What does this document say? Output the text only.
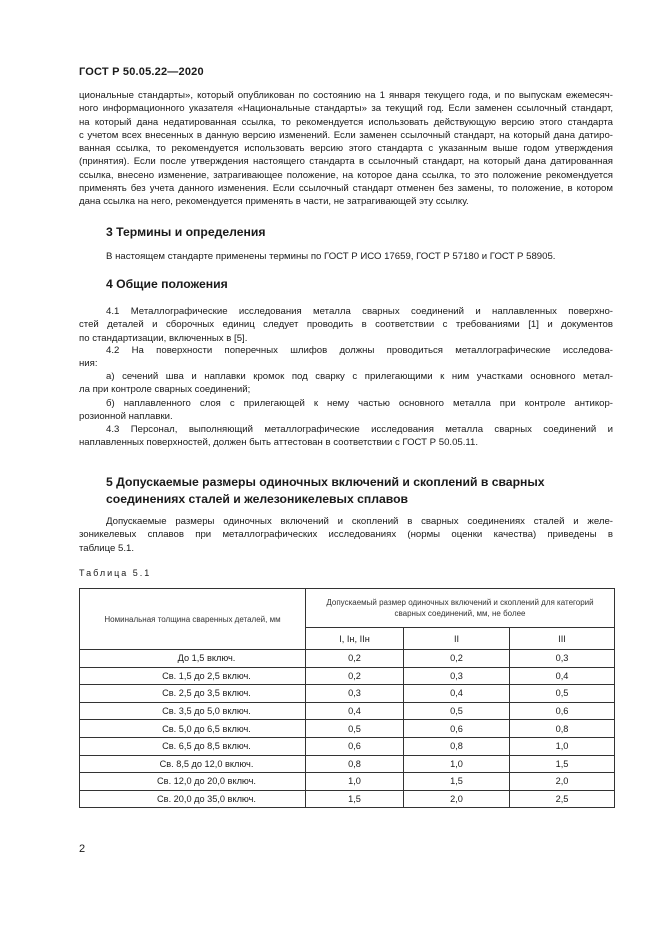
ГОСТ Р 50.05.22—2020
циональные стандарты», который опубликован по состоянию на 1 января текущего года, и по выпускам ежемесяч-
ного информационного указателя «Национальные стандарты» за текущий год. Если заменен ссылочный стандарт,
на который дана недатированная ссылка, то рекомендуется использовать действующую версию этого стандарта
с учетом всех внесенных в данную версию изменений. Если заменен ссылочный стандарт, на который дана датиро-
ванная ссылка, то рекомендуется использовать версию этого стандарта с указанным выше годом утверждения
(принятия). Если после утверждения настоящего стандарта в ссылочный стандарт, на который дана датированная
ссылка, внесено изменение, затрагивающее положение, на которое дана ссылка, то это положение рекомендуется
применять без учета данного изменения. Если ссылочный стандарт отменен без замены, то положение, в котором
дана ссылка на него, рекомендуется применять в части, не затрагивающей эту ссылку.
3 Термины и определения
В настоящем стандарте применены термины по ГОСТ Р ИСО 17659, ГОСТ Р 57180 и ГОСТ Р 58905.
4 Общие положения
4.1 Металлографические исследования металла сварных соединений и наплавленных поверхно-
стей деталей и сборочных единиц следует проводить в соответствии с требованиями [1] и документов
по стандартизации, включенных в [5].
4.2 На поверхности поперечных шлифов должны проводиться металлографические исследова-
ния:
а) сечений шва и наплавки кромок под сварку с прилегающими к ним участками основного метал-
ла при контроле сварных соединений;
б) наплавленного слоя с прилегающей к нему частью основного металла при контроле антикор-
розионной наплавки.
4.3 Персонал, выполняющий металлографические исследования металла сварных соединений и
наплавленных поверхностей, должен быть аттестован в соответствии с ГОСТ Р 50.05.11.
5 Допускаемые размеры одиночных включений и скоплений в сварных
соединениях сталей и железоникелевых сплавов
Допускаемые размеры одиночных включений и скоплений в сварных соединениях сталей и желе-
зоникелевых сплавов при металлографических исследованиях (нормы оценки качества) приведены в
таблице 5.1.
Таблица 5.1
Номинальная толщина сваренных деталей, мм	Допускаемый размер одиночных включений и скоплений для категорий сварных соединений, мм, не более		
	I, Iн, IIн	II	III
До 1,5 включ.	0,2	0,2	0,3
Св. 1,5 до 2,5 включ.	0,2	0,3	0,4
Св. 2,5 до 3,5 включ.	0,3	0,4	0,5
Св. 3,5 до 5,0 включ.	0,4	0,5	0,6
Св. 5,0 до 6,5 включ.	0,5	0,6	0,8
Св. 6,5 до 8,5 включ.	0,6	0,8	1,0
Св. 8,5 до 12,0 включ.	0,8	1,0	1,5
Св. 12,0 до 20,0 включ.	1,0	1,5	2,0
Св. 20,0 до 35,0 включ.	1,5	2,0	2,5
2
